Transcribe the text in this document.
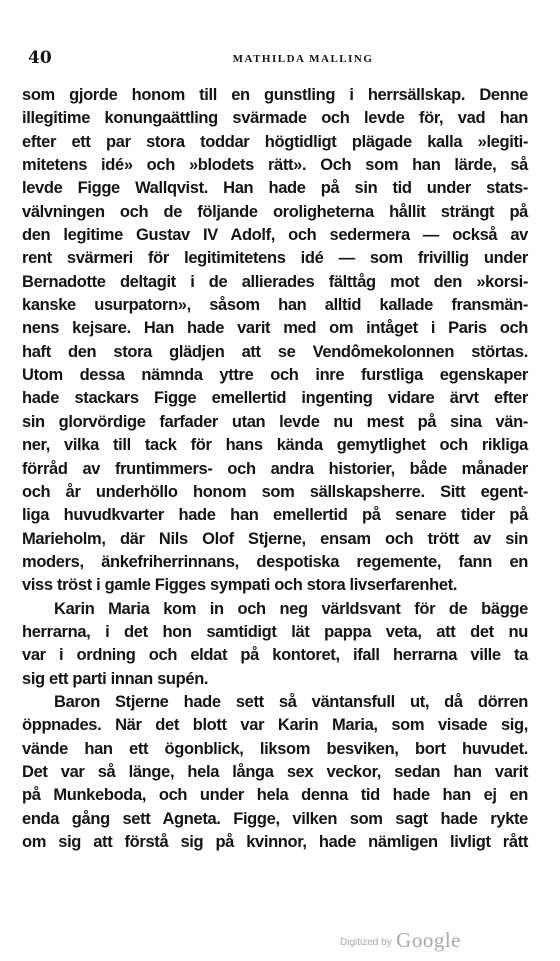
40	MATHILDA MALLING
som gjorde honom till en gunstling i herrsällskap. Denne
illegitime konungaättling svärmade och levde för, vad han
efter ett par stora toddar högtidligt plägade kalla »legiti-
mitetens idé» och »blodets rätt». Och som han lärde, så
levde Figge Wallqvist. Han hade på sin tid under stats-
välvningen och de följande oroligheterna hållit strängt på
den legitime Gustav IV Adolf, och sedermera — också av
rent svärmeri för legitimitetens idé — som frivillig under
Bernadotte deltagit i de allierades fälttåg mot den »korsi-
kanske usurpatorn», såsom han alltid kallade fransmän-
nens kejsare. Han hade varit med om intåget i Paris och
haft den stora glädjen att se Vendômekolonnen störtas.
Utom dessa nämnda yttre och inre furstliga egenskaper
hade stackars Figge emellertid ingenting vidare ärvt efter
sin glorvördige farfader utan levde nu mest på sina vän-
ner, vilka till tack för hans kända gemytlighet och rikliga
förråd av fruntimmers- och andra historier, både månader
och år underhöllo honom som sällskapsherre. Sitt egent-
liga huvudkvarter hade han emellertid på senare tider på
Marieholm, där Nils Olof Stjerne, ensam och trött av sin
moders, änkefriherrinnans, despotiska regemente, fann en
viss tröst i gamle Figges sympati och stora livserfarenhet.
Karin Maria kom in och neg världsvant för de bägge
herrarna, i det hon samtidigt lät pappa veta, att det nu
var i ordning och eldat på kontoret, ifall herrarna ville ta
sig ett parti innan supén.
Baron Stjerne hade sett så väntansfull ut, då dörren
öppnades. När det blott var Karin Maria, som visade sig,
vände han ett ögonblick, liksom besviken, bort huvudet.
Det var så länge, hela långa sex veckor, sedan han varit
på Munkeboda, och under hela denna tid hade han ej en
enda gång sett Agneta. Figge, vilken som sagt hade rykte
om sig att förstå sig på kvinnor, hade nämligen livligt rått
Digitized by Google
